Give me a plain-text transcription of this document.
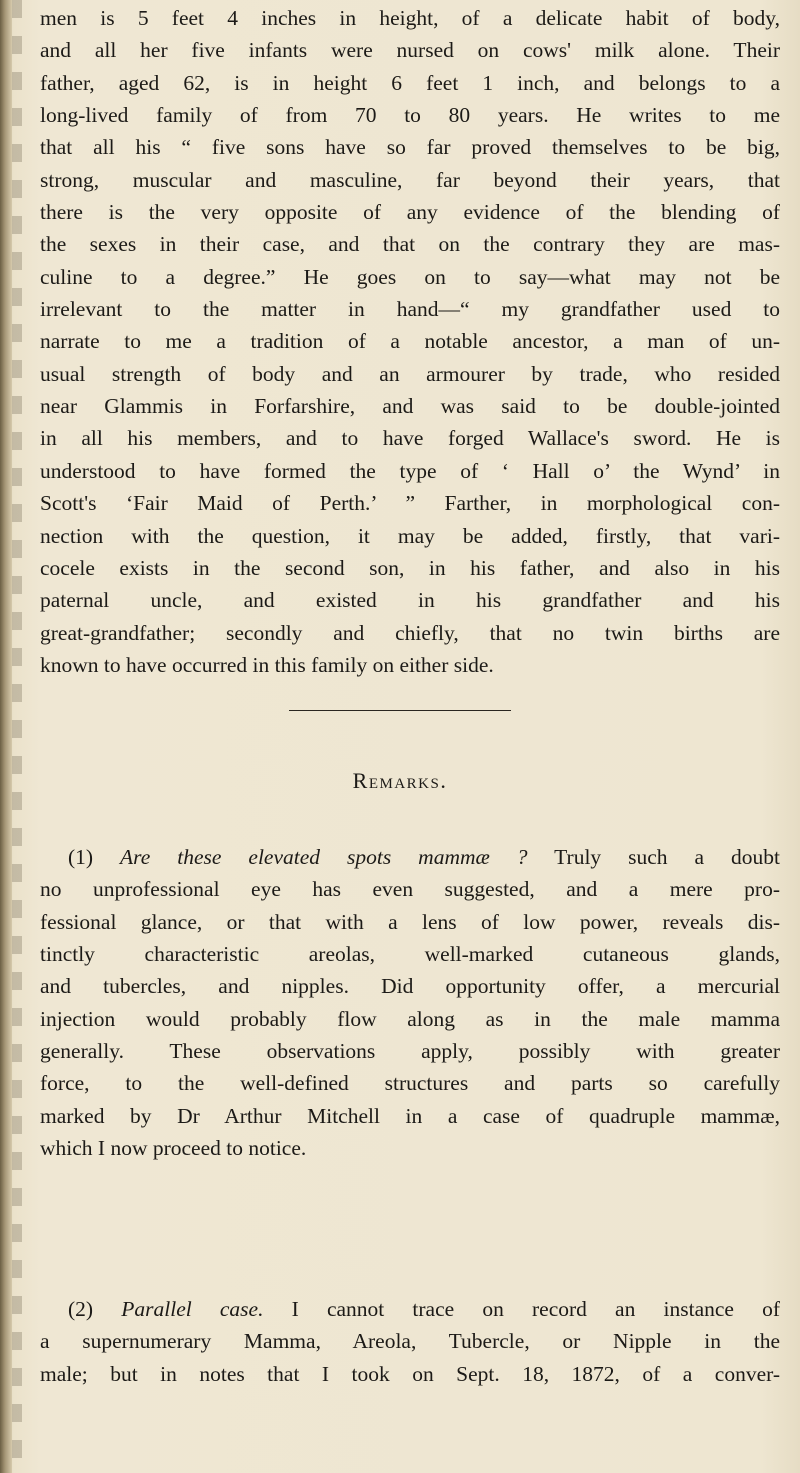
men is 5 feet 4 inches in height, of a delicate habit of body,
and all her five infants were nursed on cows' milk alone. Their
father, aged 62, is in height 6 feet 1 inch, and belongs to a
long-lived family of from 70 to 80 years. He writes to me
that all his “ five sons have so far proved themselves to be big,
strong, muscular and masculine, far beyond their years, that
there is the very opposite of any evidence of the blending of
the sexes in their case, and that on the contrary they are mas-
culine to a degree.” He goes on to say—what may not be
irrelevant to the matter in hand—“ my grandfather used to
narrate to me a tradition of a notable ancestor, a man of un-
usual strength of body and an armourer by trade, who resided
near Glammis in Forfarshire, and was said to be double-jointed
in all his members, and to have forged Wallace's sword. He is
understood to have formed the type of ‘ Hall o’ the Wynd’ in
Scott's ‘Fair Maid of Perth.’ ” Farther, in morphological con-
nection with the question, it may be added, firstly, that vari-
cocele exists in the second son, in his father, and also in his
paternal uncle, and existed in his grandfather and his
great-grandfather; secondly and chiefly, that no twin births are
known to have occurred in this family on either side.
Remarks.
(1) Are these elevated spots mammæ ? Truly such a doubt
no unprofessional eye has even suggested, and a mere pro-
fessional glance, or that with a lens of low power, reveals dis-
tinctly characteristic areolas, well-marked cutaneous glands,
and tubercles, and nipples. Did opportunity offer, a mercurial
injection would probably flow along as in the male mamma
generally. These observations apply, possibly with greater
force, to the well-defined structures and parts so carefully
marked by Dr Arthur Mitchell in a case of quadruple mammæ,
which I now proceed to notice.
(2) Parallel case. I cannot trace on record an instance of
a supernumerary Mamma, Areola, Tubercle, or Nipple in the
male; but in notes that I took on Sept. 18, 1872, of a conver-
